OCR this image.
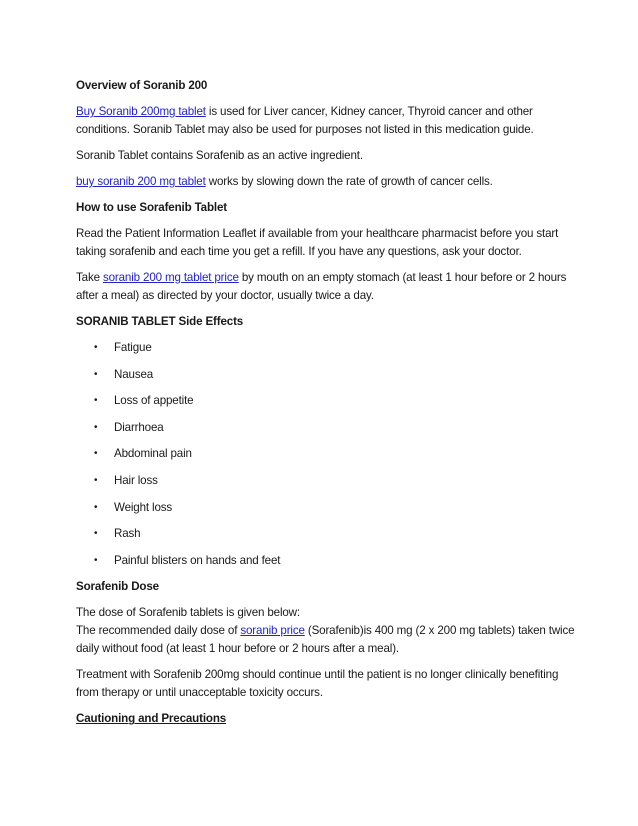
Overview of Soranib 200

Buy Soranib 200mg tablet is used for Liver cancer, Kidney cancer, Thyroid cancer and other conditions. Soranib Tablet may also be used for purposes not listed in this medication guide.

Soranib Tablet contains Sorafenib as an active ingredient.

buy soranib 200 mg tablet works by slowing down the rate of growth of cancer cells.

How to use Sorafenib Tablet

Read the Patient Information Leaflet if available from your healthcare pharmacist before you start taking sorafenib and each time you get a refill. If you have any questions, ask your doctor.

Take soranib 200 mg tablet price by mouth on an empty stomach (at least 1 hour before or 2 hours after a meal) as directed by your doctor, usually twice a day.

SORANIB TABLET Side Effects

• Fatigue
• Nausea
• Loss of appetite
• Diarrhoea
• Abdominal pain
• Hair loss
• Weight loss
• Rash
• Painful blisters on hands and feet

Sorafenib Dose

The dose of Sorafenib tablets is given below:
The recommended daily dose of soranib price (Sorafenib)is 400 mg (2 x 200 mg tablets) taken twice daily without food (at least 1 hour before or 2 hours after a meal).

Treatment with Sorafenib 200mg should continue until the patient is no longer clinically benefiting from therapy or until unacceptable toxicity occurs.

Cautioning and Precautions
